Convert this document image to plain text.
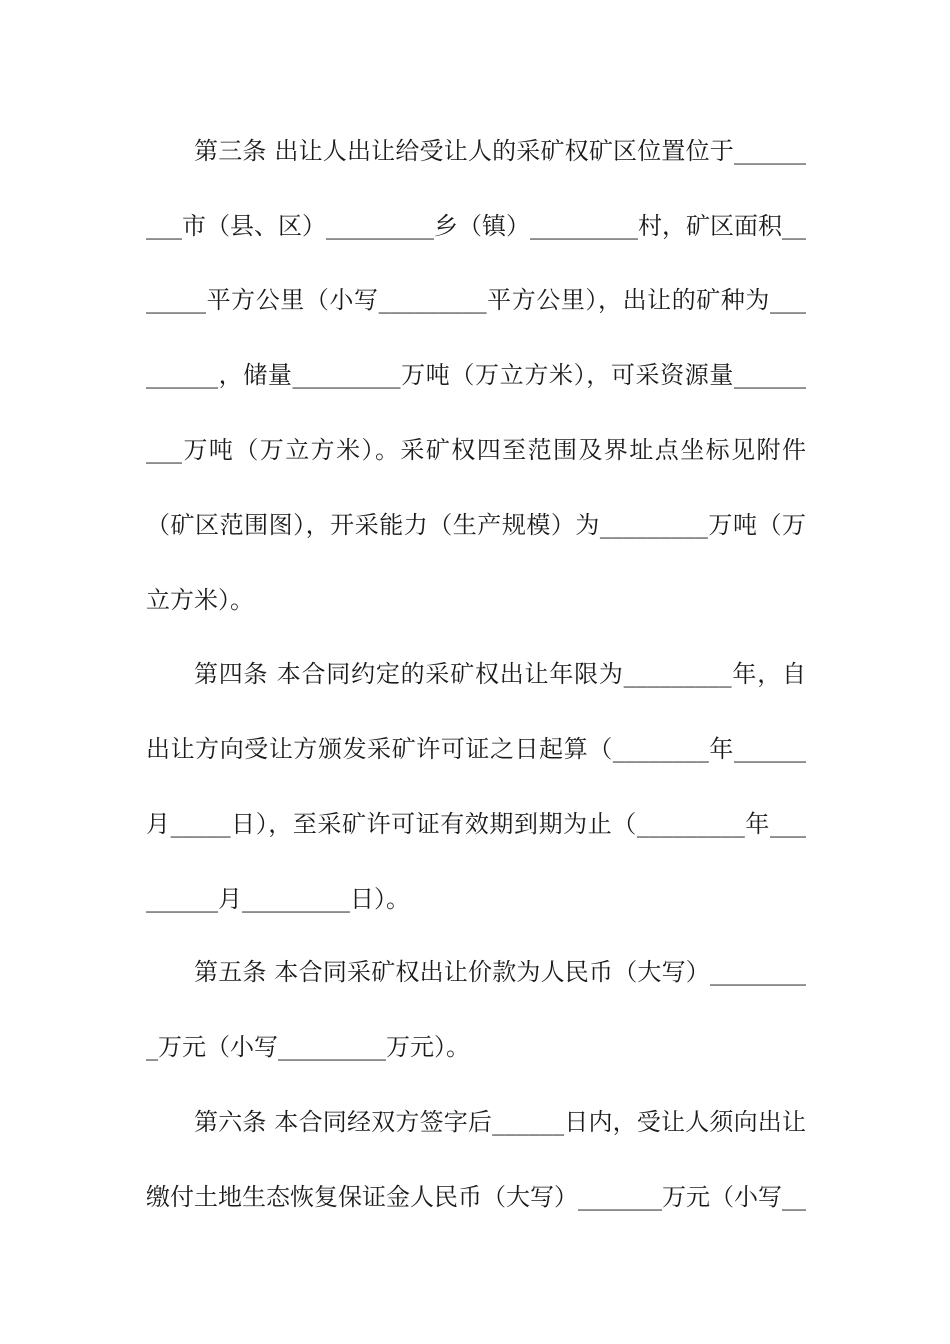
第三条 出让人出让给受让人的采矿权矿区位置位于______
___市（县、区）_________乡（镇）_________村，矿区面积__
_____平方公里（小写_________平方公里），出让的矿种为___
______，储量_________万吨（万立方米），可采资源量______
___万吨（万立方米）。采矿权四至范围及界址点坐标见附件
（矿区范围图），开采能力（生产规模）为_________万吨（万
立方米）。
第四条 本合同约定的采矿权出让年限为_________年，自
出让方向受让方颁发采矿许可证之日起算（________年______
月_____日），至采矿许可证有效期到期为止（_________年___
______月_________日）。
第五条 本合同采矿权出让价款为人民币（大写）________
_万元（小写_________万元）。
第六条 本合同经双方签字后______日内，受让人须向出让
缴付土地生态恢复保证金人民币（大写）_______万元（小写__
